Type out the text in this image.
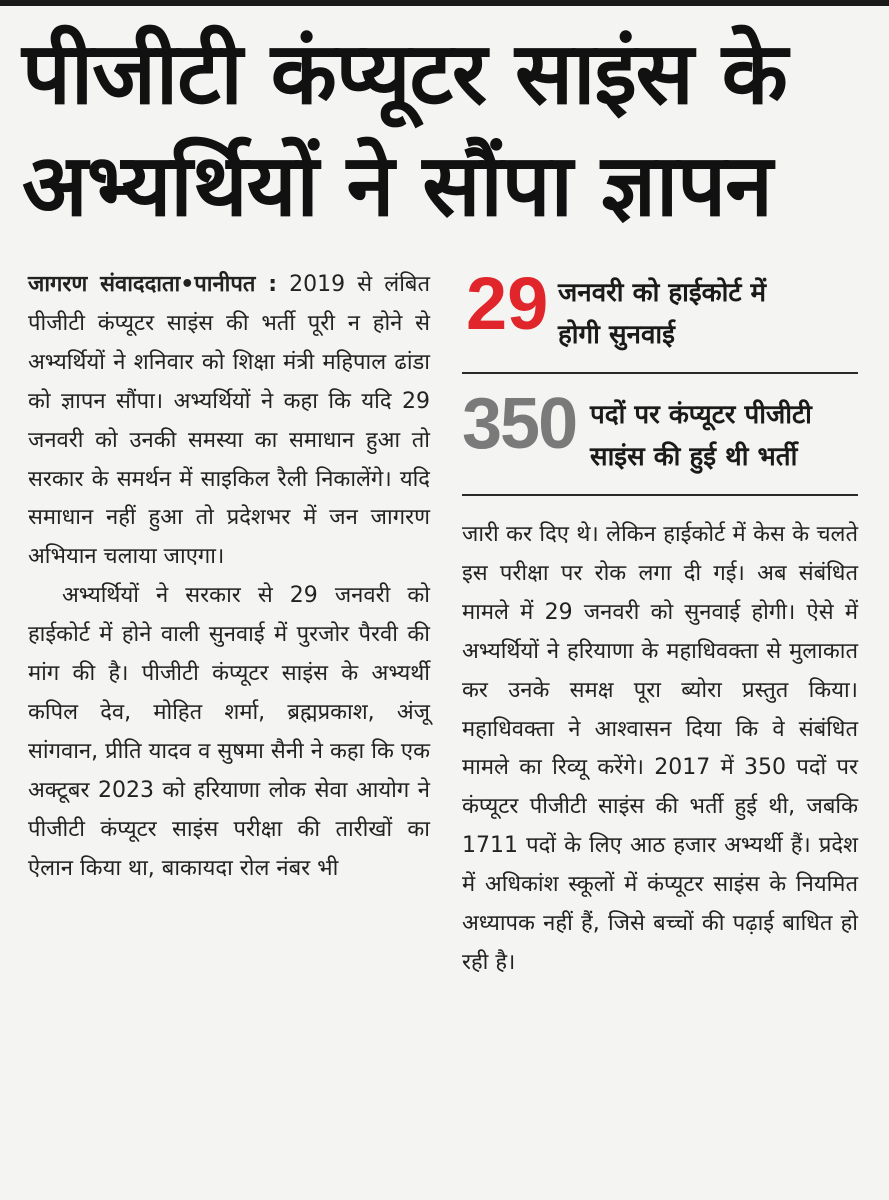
पीजीटी कंप्यूटर साइंस के
अभ्यर्थियों ने सौंपा ज्ञापन

जागरण संवाददाता•पानीपत : 2019 से लंबित पीजीटी कंप्यूटर साइंस की भर्ती पूरी न होने से अभ्यर्थियों ने शनिवार को शिक्षा मंत्री महिपाल ढांडा को ज्ञापन सौंपा। अभ्यर्थियों ने कहा कि यदि 29 जनवरी को उनकी समस्या का समाधान हुआ तो सरकार के समर्थन में साइकिल रैली निकालेंगे। यदि समाधान नहीं हुआ तो प्रदेशभर में जन जागरण अभियान चलाया जाएगा।

अभ्यर्थियों ने सरकार से 29 जनवरी को हाईकोर्ट में होने वाली सुनवाई में पुरजोर पैरवी की मांग की है। पीजीटी कंप्यूटर साइंस के अभ्यर्थी कपिल देव, मोहित शर्मा, ब्रह्मप्रकाश, अंजू सांगवान, प्रीति यादव व सुषमा सैनी ने कहा कि एक अक्टूबर 2023 को हरियाणा लोक सेवा आयोग ने पीजीटी कंप्यूटर साइंस परीक्षा की तारीखों का ऐलान किया था, बाकायदा रोल नंबर भी

29 जनवरी को हाईकोर्ट में
होगी सुनवाई
350 पदों पर कंप्यूटर पीजीटी
साइंस की हुई थी भर्ती

जारी कर दिए थे। लेकिन हाईकोर्ट में केस के चलते इस परीक्षा पर रोक लगा दी गई। अब संबंधित मामले में 29 जनवरी को सुनवाई होगी। ऐसे में अभ्यर्थियों ने हरियाणा के महाधिवक्ता से मुलाकात कर उनके समक्ष पूरा ब्योरा प्रस्तुत किया। महाधिवक्ता ने आश्वासन दिया कि वे संबंधित मामले का रिव्यू करेंगे। 2017 में 350 पदों पर कंप्यूटर पीजीटी साइंस की भर्ती हुई थी, जबकि 1711 पदों के लिए आठ हजार अभ्यर्थी हैं। प्रदेश में अधिकांश स्कूलों में कंप्यूटर साइंस के नियमित अध्यापक नहीं हैं, जिसे बच्चों की पढ़ाई बाधित हो रही है।
